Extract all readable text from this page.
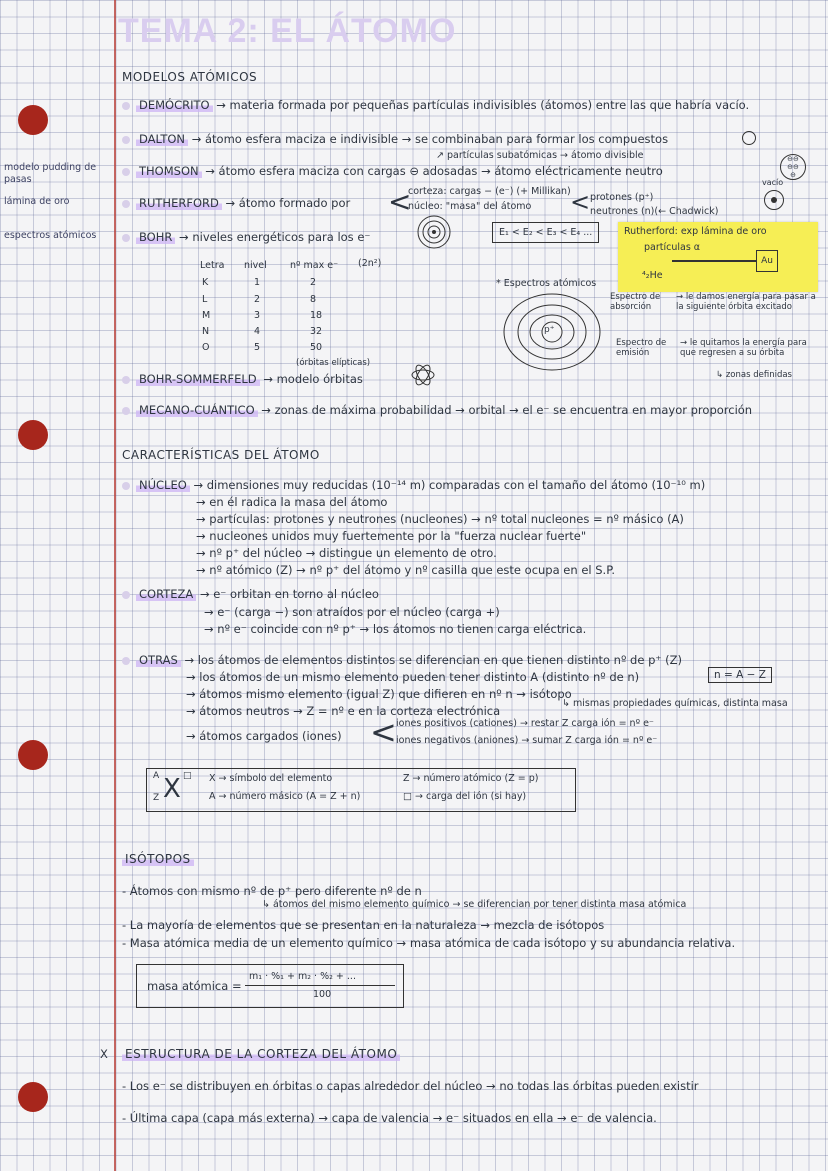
TEMA 2: EL ÁTOMO
modelo pudding de pasas
lámina de oro
espectros atómicos
MODELOS ATÓMICOS
DEMÓCRITO → materia formada por pequeñas partículas indivisibles (átomos) entre las que habría vacío.
DALTON → átomo esfera maciza e indivisible → se combinaban para formar los compuestos
↗ partículas subatómicas → átomo divisible
THOMSON → átomo esfera maciza con cargas ⊖ adosadas → átomo eléctricamente neutro
⊖⊖
⊖⊖
⊖
RUTHERFORD → átomo formado por <
corteza: cargas − (e⁻) (+ Millikan)
núcleo: "masa" del átomo < protones (p⁺)
neutrones (n)(← Chadwick)
vacío
BOHR → niveles energéticos para los e⁻	E₁ < E₂ < E₃ < E₄ ...	Rutherford: exp lámina de oro
partículas α
⁴₂He
Au
Letra nivel nº max e⁻ (2n²)
K	1	2
L	2	8
M	3	18
N	4	32
O	5	50
(órbitas elípticas)
* Espectros atómicos
p⁺
Espectro de absorción
→ le damos energía para pasar a la siguiente órbita excitado
Espectro de emisión
→ le quitamos la energía para que regresen a su órbita
↳ zonas definidas
BOHR-SOMMERFELD → modelo órbitas
MECANO-CUÁNTICO → zonas de máxima probabilidad → orbital → el e⁻ se encuentra en mayor proporción
CARACTERÍSTICAS DEL ÁTOMO
NÚCLEO → dimensiones muy reducidas (10⁻¹⁴ m) comparadas con el tamaño del átomo (10⁻¹⁰ m)
→ en él radica la masa del átomo
→ partículas: protones y neutrones (nucleones) → nº total nucleones = nº másico (A)
→ nucleones unidos muy fuertemente por la "fuerza nuclear fuerte"
→ nº p⁺ del núcleo → distingue un elemento de otro.
→ nº atómico (Z) → nº p⁺ del átomo y nº casilla que este ocupa en el S.P.
CORTEZA → e⁻ orbitan en torno al núcleo
→ e⁻ (carga −) son atraídos por el núcleo (carga +)
→ nº e⁻ coincide con nº p⁺ → los átomos no tienen carga eléctrica.
OTRAS → los átomos de elementos distintos se diferencian en que tienen distinto nº de p⁺ (Z)
→ los átomos de un mismo elemento pueden tener distinto A (distinto nº de n)	n = A − Z
→ átomos mismo elemento (igual Z) que difieren en nº n → isótopo
→ átomos neutros → Z = nº e en la corteza electrónica
↳ mismas propiedades químicas, distinta masa
→ átomos cargados (iones) < iones positivos (cationes) → restar Z carga ión = nº e⁻
iones negativos (aniones) → sumar Z carga ión = nº e⁻
A
Z X □ X → símbolo del elemento
A → número másico (A = Z + n)
Z → número atómico (Z = p)
□ → carga del ión (si hay)
ISÓTOPOS
- Átomos con mismo nº de p⁺ pero diferente nº de n
↳ átomos del mismo elemento químico → se diferencian por tener distinta masa atómica
- La mayoría de elementos que se presentan en la naturaleza → mezcla de isótopos
- Masa atómica media de un elemento químico → masa atómica de cada isótopo y su abundancia relativa.
masa atómica =
m₁ · %₁ + m₂ · %₂ + ...
100
X ESTRUCTURA DE LA CORTEZA DEL ÁTOMO
- Los e⁻ se distribuyen en órbitas o capas alrededor del núcleo → no todas las órbitas pueden existir
- Última capa (capa más externa) → capa de valencia → e⁻ situados en ella → e⁻ de valencia.
